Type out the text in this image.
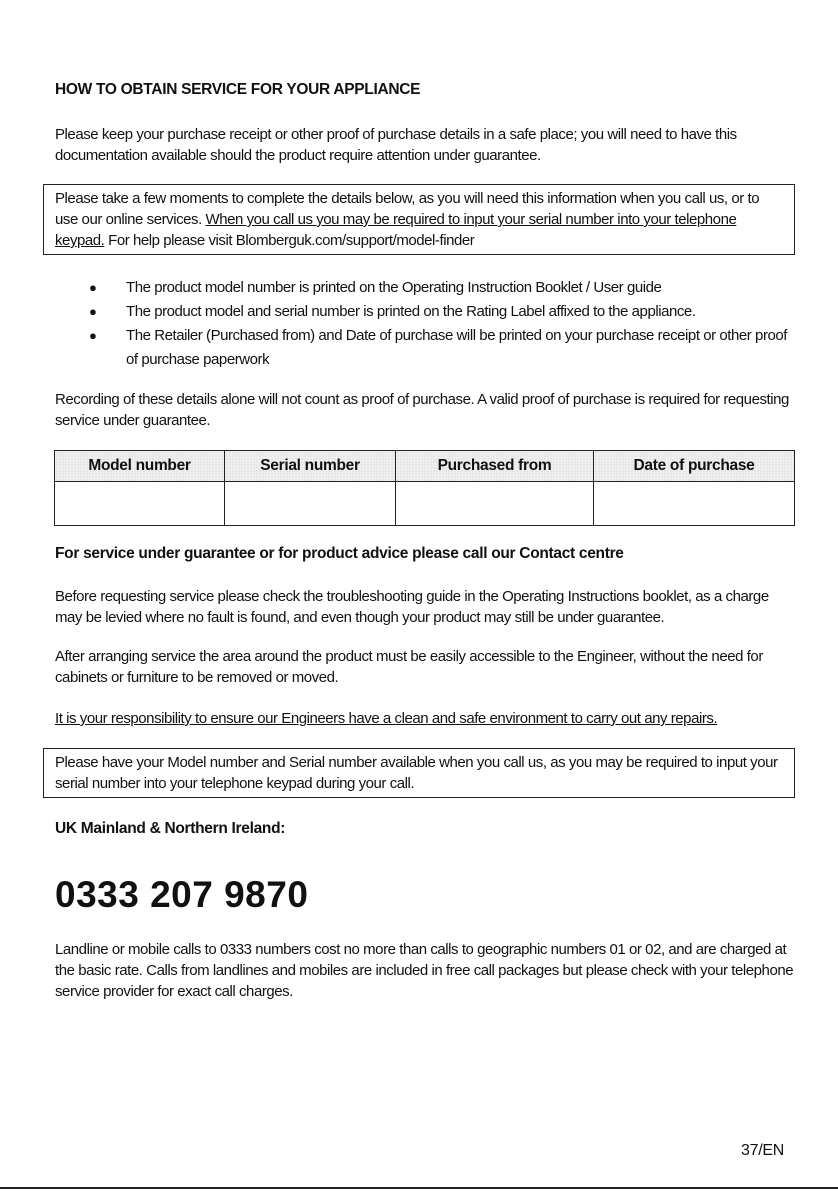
HOW TO OBTAIN SERVICE FOR YOUR APPLIANCE
Please keep your purchase receipt or other proof of purchase details in a safe place; you will need to have this documentation available should the product require attention under guarantee.
Please take a few moments to complete the details below, as you will need this information when you call us, or to use our online services. When you call us you may be required to input your serial number into your telephone keypad. For help please visit Blomberguk.com/support/model-finder
● The product model number is printed on the Operating Instruction Booklet / User guide
● The product model and serial number is printed on the Rating Label affixed to the appliance.
● The Retailer (Purchased from) and Date of purchase will be printed on your purchase receipt or other proof of purchase paperwork
Recording of these details alone will not count as proof of purchase. A valid proof of purchase is required for requesting service under guarantee.
Model number	Serial number	Purchased from	Date of purchase

For service under guarantee or for product advice please call our Contact centre
Before requesting service please check the troubleshooting guide in the Operating Instructions booklet, as a charge may be levied where no fault is found, and even though your product may still be under guarantee.
After arranging service the area around the product must be easily accessible to the Engineer, without the need for cabinets or furniture to be removed or moved.
It is your responsibility to ensure our Engineers have a clean and safe environment to carry out any repairs.
Please have your Model number and Serial number available when you call us, as you may be required to input your serial number into your telephone keypad during your call.
UK Mainland & Northern Ireland:
0333 207 9870
Landline or mobile calls to 0333 numbers cost no more than calls to geographic numbers 01 or 02, and are charged at the basic rate. Calls from landlines and mobiles are included in free call packages but please check with your telephone service provider for exact call charges.
37/EN
